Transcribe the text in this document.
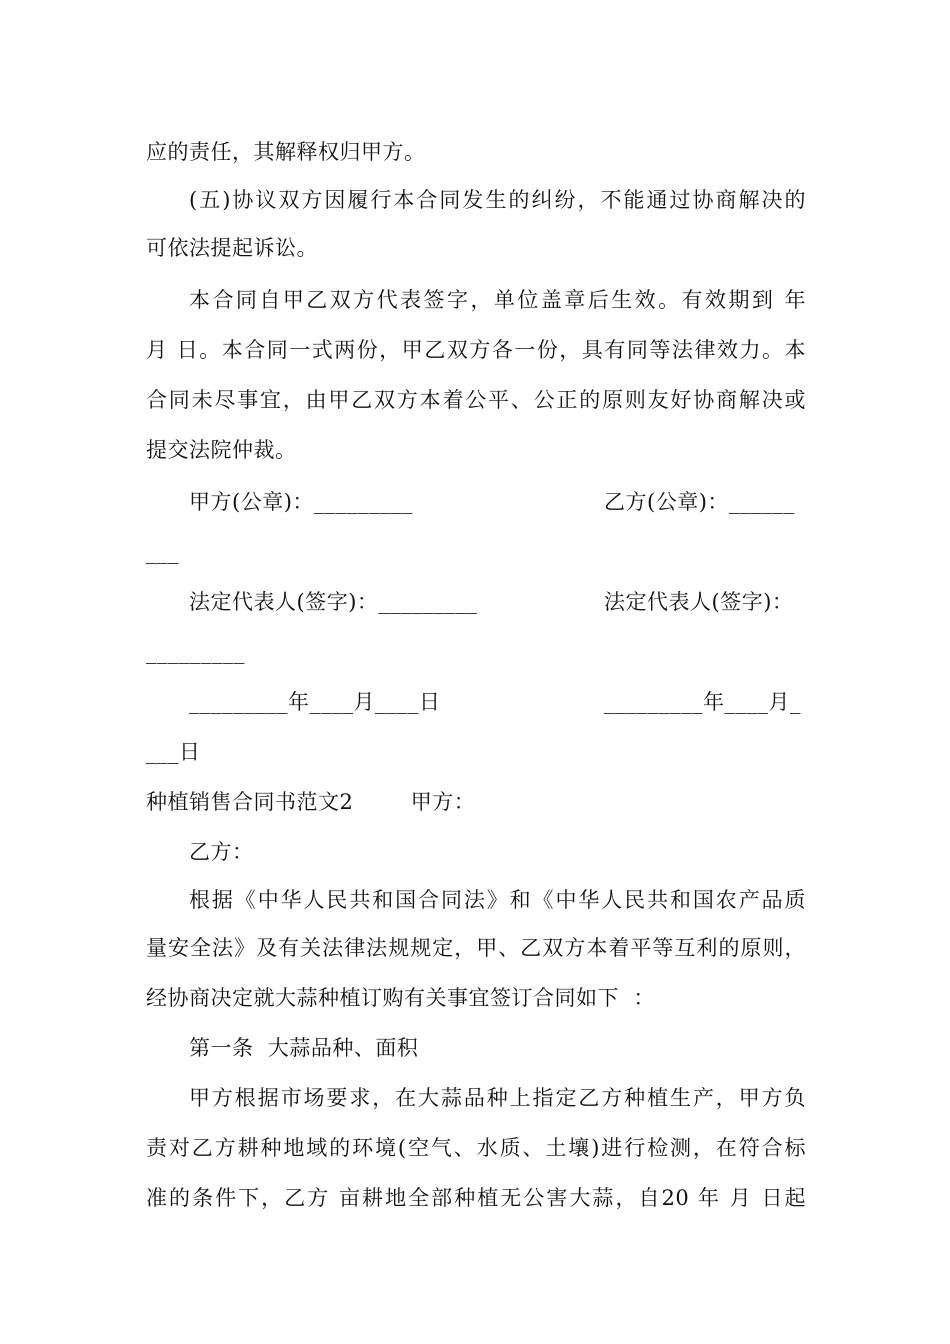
应的责任，其解释权归甲方。
(五)协议双方因履行本合同发生的纠纷，不能通过协商解决的
可依法提起诉讼。
本合同自甲乙双方代表签字，单位盖章后生效。有效期到 年
月 日。本合同一式两份，甲乙双方各一份，具有同等法律效力。本
合同未尽事宜，由甲乙双方本着公平、公正的原则友好协商解决或
提交法院仲裁。
甲方(公章)：_________	乙方(公章)：______
___
法定代表人(签字)：_________	法定代表人(签字)：
_________
_________年____月____日	_________年____月_
___日
种植销售合同书范文2        甲方：
乙方：
根据《中华人民共和国合同法》和《中华人民共和国农产品质
量安全法》及有关法律法规规定，甲、乙双方本着平等互利的原则，
经协商决定就大蒜种植订购有关事宜签订合同如下  ：
第一条  大蒜品种、面积
甲方根据市场要求，在大蒜品种上指定乙方种植生产，甲方负
责对乙方耕种地域的环境(空气、水质、土壤)进行检测，在符合标
准的条件下，乙方 亩耕地全部种植无公害大蒜，自20 年 月 日起
